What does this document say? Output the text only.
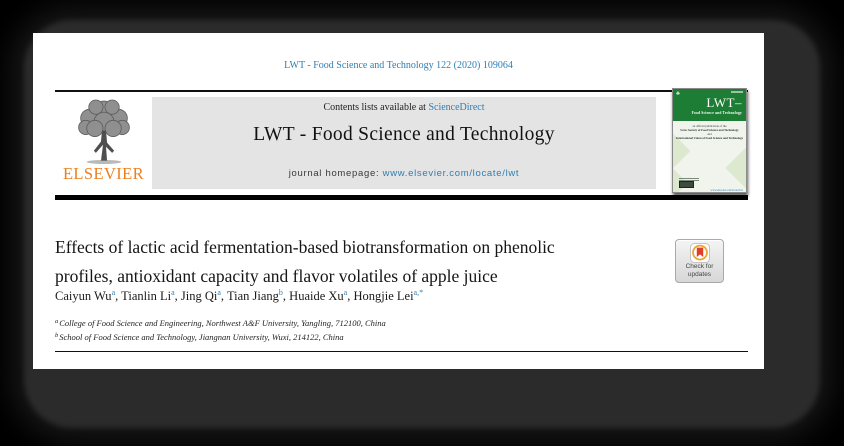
LWT - Food Science and Technology 122 (2020) 109064
ELSEVIER
Contents lists available at ScienceDirect
LWT - Food Science and Technology
journal homepage: www.elsevier.com/locate/lwt
♣
LWT–
Food Science and Technology
an official publication of the
Swiss Society of Food Science and Technology
and
International Union of Food Science and Technology
www.elsevier.com/locate/lwt
Effects of lactic acid fermentation-based biotransformation on phenolic
profiles, antioxidant capacity and flavor volatiles of apple juice	Check for
updates
Caiyun Wu$^a$, Tianlin Li$^a$, Jing Qi$^a$, Tian Jiang$^b$, Huaide Xu$^a$, Hongjie Lei$^{a,*}$
$^a$College of Food Science and Engineering, Northwest A&F University, Yangling, 712100, China
$^b$School of Food Science and Technology, Jiangnan University, Wuxi, 214122, China
